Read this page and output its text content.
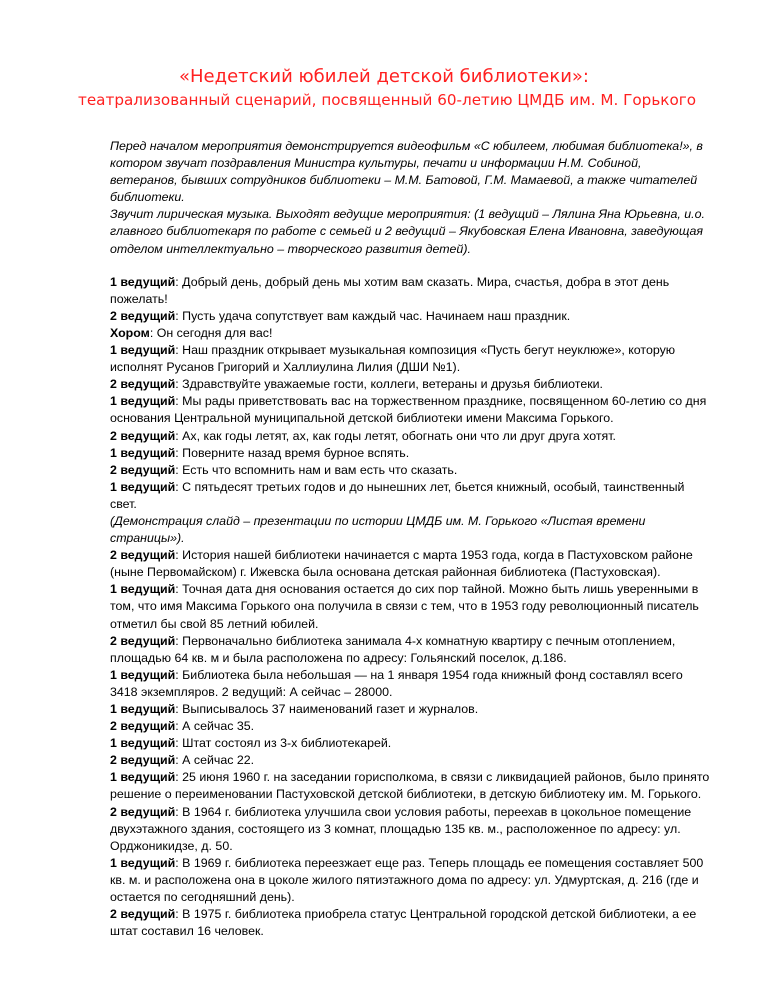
«Недетский юбилей детской библиотеки»:
театрализованный сценарий, посвященный 60-летию ЦМДБ им. М. Горького

Перед началом мероприятия демонстрируется видеофильм «С юбилеем, любимая библиотека!», в котором звучат поздравления Министра культуры, печати и информации Н.М. Собиной, ветеранов, бывших сотрудников библиотеки – М.М. Батовой, Г.М. Мамаевой, а также читателей библиотеки.

Звучит лирическая музыка. Выходят ведущие мероприятия: (1 ведущий – Лялина Яна Юрьевна, и.о. главного библиотекаря по работе с семьей и 2 ведущий – Якубовская Елена Ивановна, заведующая отделом интеллектуально – творческого развития детей).

1 ведущий: Добрый день, добрый день мы хотим вам сказать. Мира, счастья, добра в этот день пожелать!

2 ведущий: Пусть удача сопутствует вам каждый час. Начинаем наш праздник.

Хором: Он сегодня для вас!

1 ведущий: Наш праздник открывает музыкальная композиция «Пусть бегут неуклюже», которую исполнят Русанов Григорий и Халлиулина Лилия (ДШИ №1).

2 ведущий: Здравствуйте уважаемые гости, коллеги, ветераны и друзья библиотеки.

1 ведущий: Мы рады приветствовать вас на торжественном празднике, посвященном 60-летию со дня основания Центральной муниципальной детской библиотеки имени Максима Горького.

2 ведущий: Ах, как годы летят, ах, как годы летят, обогнать они что ли друг друга хотят.

1 ведущий: Поверните назад время бурное вспять.

2 ведущий: Есть что вспомнить нам и вам есть что сказать.

1 ведущий: С пятьдесят третьих годов и до нынешних лет, бьется книжный, особый, таинственный свет.

(Демонстрация слайд – презентации по истории ЦМДБ им. М. Горького «Листая времени страницы»).

2 ведущий: История нашей библиотеки начинается с марта 1953 года, когда в Пастуховском районе (ныне Первомайском) г. Ижевска была основана детская районная библиотека (Пастуховская).

1 ведущий: Точная дата дня основания остается до сих пор тайной. Можно быть лишь уверенными в том, что имя Максима Горького она получила в связи с тем, что в 1953 году революционный писатель отметил бы свой 85 летний юбилей.

2 ведущий: Первоначально библиотека занимала 4-х комнатную квартиру с печным отоплением, площадью 64 кв. м и была расположена по адресу: Гольянский поселок, д.186.

1 ведущий: Библиотека была небольшая — на 1 января 1954 года книжный фонд составлял всего 3418 экземпляров. 2 ведущий: А сейчас – 28000.

1 ведущий: Выписывалось 37 наименований газет и журналов.

2 ведущий: А сейчас 35.

1 ведущий: Штат состоял из 3-х библиотекарей.

2 ведущий: А сейчас 22.

1 ведущий: 25 июня 1960 г. на заседании горисполкома, в связи с ликвидацией районов, было принято решение о переименовании Пастуховской детской библиотеки, в детскую библиотеку им. М. Горького.

2 ведущий: В 1964 г. библиотека улучшила свои условия работы, переехав в цокольное помещение двухэтажного здания, состоящего из 3 комнат, площадью 135 кв. м., расположенное по адресу: ул. Орджоникидзе, д. 50.

1 ведущий: В 1969 г. библиотека переезжает еще раз. Теперь площадь ее помещения составляет 500 кв. м. и расположена она в цоколе жилого пятиэтажного дома по адресу: ул. Удмуртская, д. 216 (где и остается по сегодняшний день).

2 ведущий: В 1975 г. библиотека приобрела статус Центральной городской детской библиотеки, а ее штат составил 16 человек.
